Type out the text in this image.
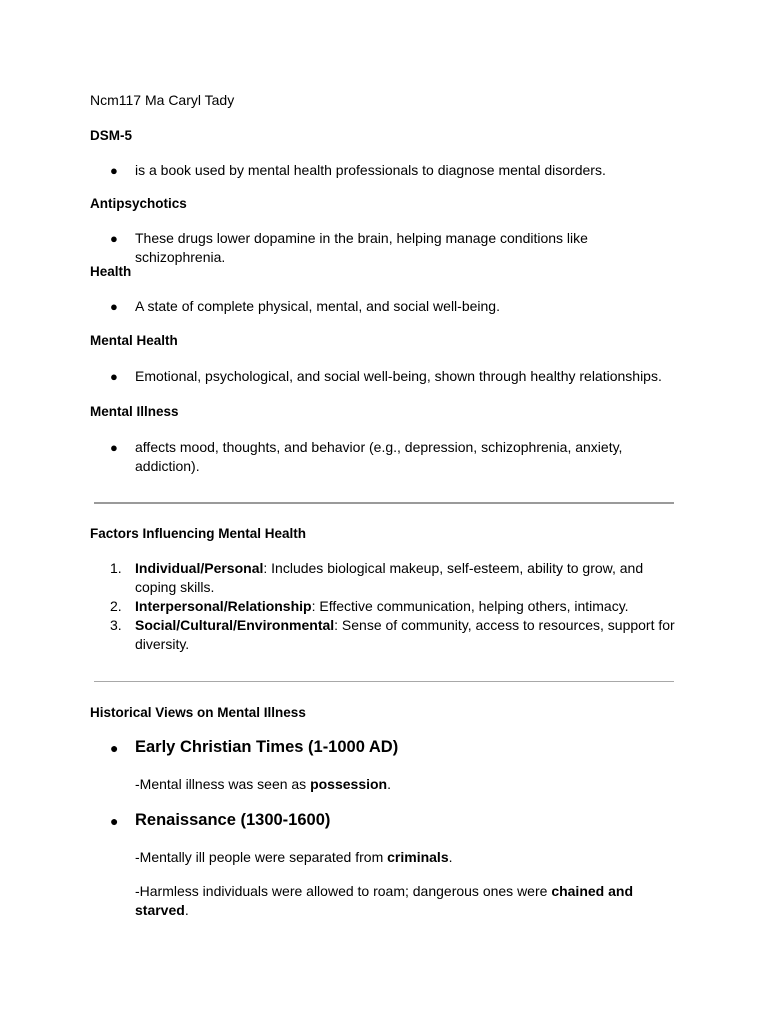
Ncm117 Ma Caryl Tady
DSM-5
●	is a book used by mental health professionals to diagnose mental disorders.
Antipsychotics
●	These drugs lower dopamine in the brain, helping manage conditions like schizophrenia.
Health
●	A state of complete physical, mental, and social well-being.
Mental Health
●	Emotional, psychological, and social well-being, shown through healthy relationships.
Mental Illness
●	affects mood, thoughts, and behavior (e.g., depression, schizophrenia, anxiety,
addiction).
Factors Influencing Mental Health
1. Individual/Personal: Includes biological makeup, self-esteem, ability to grow, and
coping skills.
2. Interpersonal/Relationship: Effective communication, helping others, intimacy.
3. Social/Cultural/Environmental: Sense of community, access to resources, support for
diversity.
Historical Views on Mental Illness
●	Early Christian Times (1-1000 AD)
-Mental illness was seen as possession.
●	Renaissance (1300-1600)
-Mentally ill people were separated from criminals.
-Harmless individuals were allowed to roam; dangerous ones were chained and
starved.
